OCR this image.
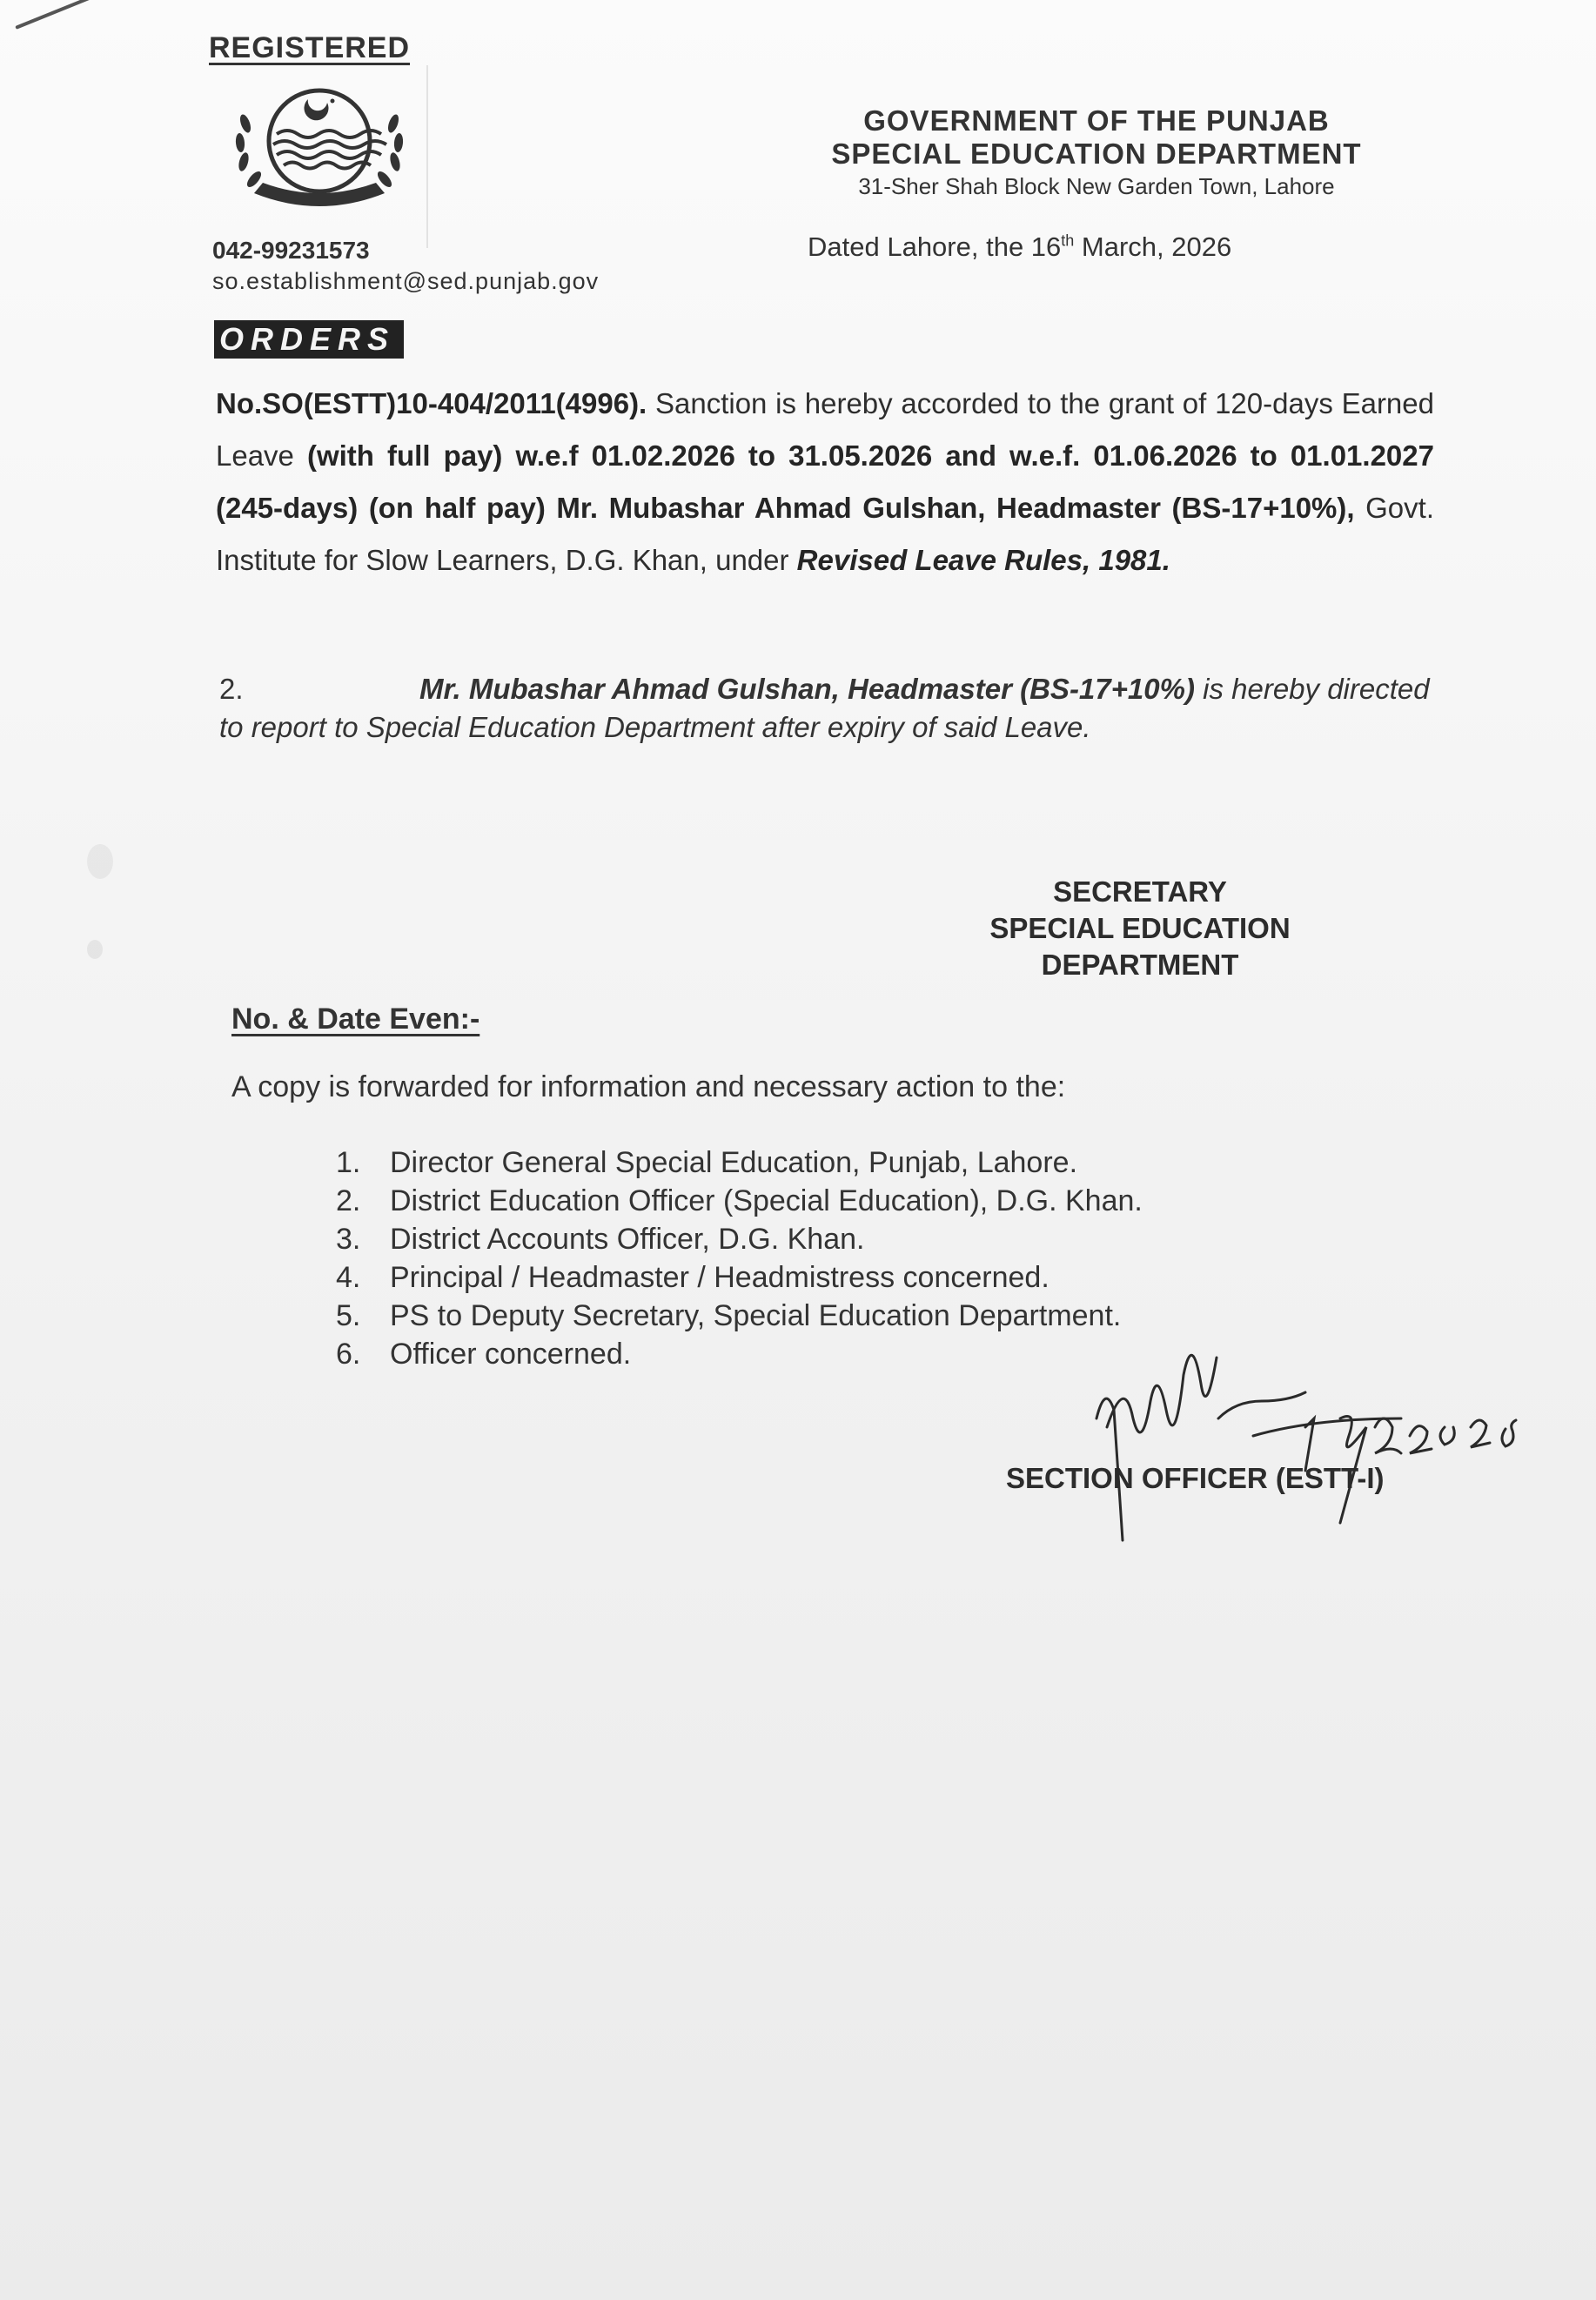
REGISTERED

GOVERNMENT OF THE PUNJAB

SPECIAL EDUCATION DEPARTMENT

31-Sher Shah Block New Garden Town, Lahore

042-99231573

so.establishment@sed.punjab.gov

Dated Lahore, the 16th March, 2026

ORDERS

No.SO(ESTT)10-404/2011(4996). Sanction is hereby accorded to the grant of 120-days Earned Leave (with full pay) w.e.f 01.02.2026 to 31.05.2026 and w.e.f. 01.06.2026 to 01.01.2027 (245-days) (on half pay) Mr. Mubashar Ahmad Gulshan, Headmaster (BS-17+10%), Govt. Institute for Slow Learners, D.G. Khan, under Revised Leave Rules, 1981.

2.	Mr. Mubashar Ahmad Gulshan, Headmaster (BS-17+10%) is hereby directed to report to Special Education Department after expiry of said Leave.

SECRETARY
SPECIAL EDUCATION
DEPARTMENT

No. & Date Even:-

A copy is forwarded for information and necessary action to the:

1. Director General Special Education, Punjab, Lahore.
2. District Education Officer (Special Education), D.G. Khan.
3. District Accounts Officer, D.G. Khan.
4. Principal / Headmaster / Headmistress concerned.
5. PS to Deputy Secretary, Special Education Department.
6. Officer concerned.

SECTION OFFICER (ESTT-I)
